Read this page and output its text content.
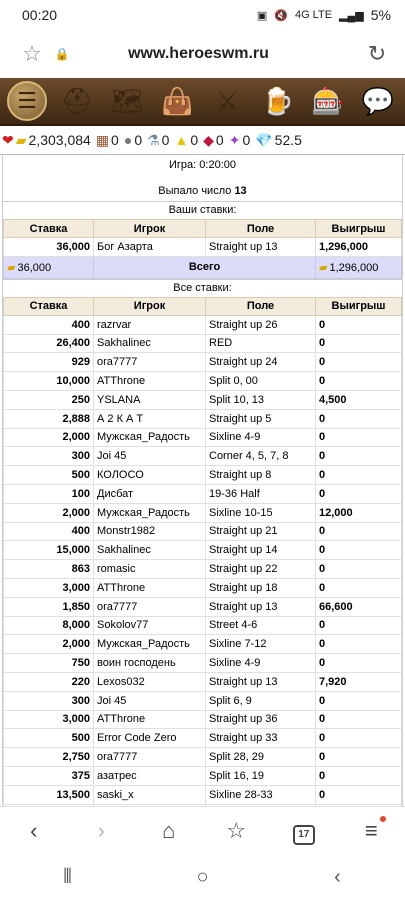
00:20	▣ 🔇 4G LTE ▂▄▆ 5%
☆	🔒	www.heroeswm.ru	↻
☰ ⛑ 🗺 👜 ⚔ 🍺 🎰 💬
❤ ▰ 2,303,084 ▦ 0 ● 0 ⚗ 0 ▲ 0 ◆ 0 ✦ 0 💎 52.5
Игра: 0:20:00
Выпало число 13
Ваши ставки:
Ставка	Игрок	Поле	Выигрыш
36,000	Бог Азарта	Straight up 13	1,296,000
▰ 36,000	Всего		▰ 1,296,000
Все ставки:
Ставка	Игрок	Поле	Выигрыш
400	razrvar	Straight up 26	0
26,400	Sakhalinec	RED	0
929	ora7777	Straight up 24	0
10,000	ATThrone	Split 0, 00	0
250	YSLANA	Split 10, 13	4,500
2,888	А 2 К А Т	Straight up 5	0
2,000	Мужская_Радость	Sixline 4-9	0
300	Joi 45	Corner 4, 5, 7, 8	0
500	КОЛОСО	Straight up 8	0
100	Дисбат	19-36 Half	0
2,000	Мужская_Радость	Sixline 10-15	12,000
400	Monstr1982	Straight up 21	0
15,000	Sakhalinec	Straight up 14	0
863	romasic	Straight up 22	0
3,000	ATThrone	Straight up 18	0
1,850	ora7777	Straight up 13	66,600
8,000	Sokolov77	Street 4-6	0
2,000	Мужская_Радость	Sixline 7-12	0
750	воин господень	Sixline 4-9	0
220	Lexos032	Straight up 13	7,920
300	Joi 45	Split 6, 9	0
3,000	ATThrone	Straight up 36	0
500	Error Code Zero	Straight up 33	0
2,750	ora7777	Split 28, 29	0
375	азатрес	Split 16, 19	0
13,500	saski_x	Sixline 28-33	0

‹	›	⌂	☆	17	≡
⦀	○	‹
